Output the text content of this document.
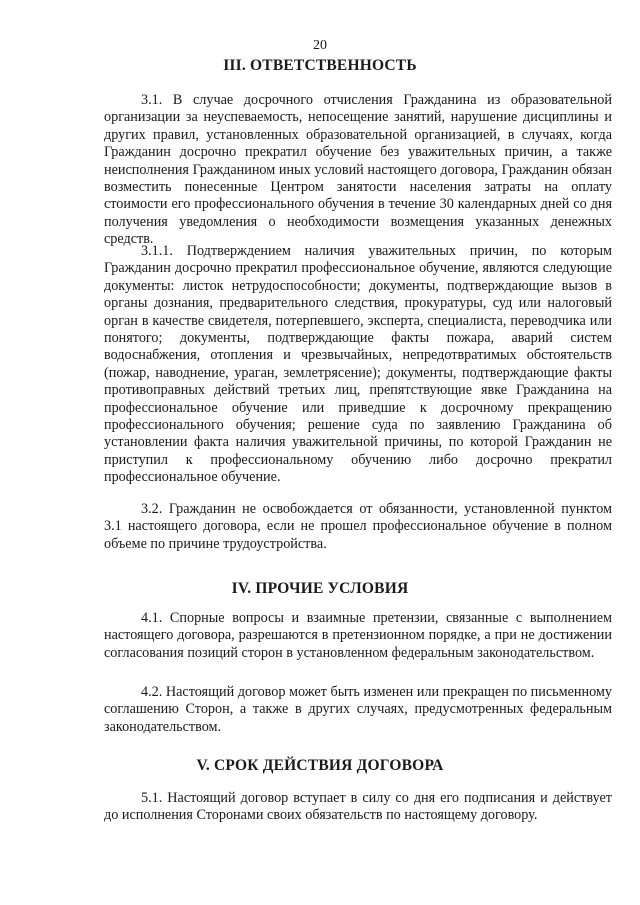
20
III. ОТВЕТСТВЕННОСТЬ

3.1. В случае досрочного отчисления Гражданина из образовательной организации за неуспеваемость, непосещение занятий, нарушение дисциплины и других правил, установленных образовательной организацией, в случаях, когда Гражданин досрочно прекратил обучение без уважительных причин, а также неисполнения Гражданином иных условий настоящего договора, Гражданин обязан возместить понесенные Центром занятости населения затраты на оплату стоимости его профессионального обучения в течение 30 календарных дней со дня получения уведомления о необходимости возмещения указанных денежных средств.

3.1.1. Подтверждением наличия уважительных причин, по которым Гражданин досрочно прекратил профессиональное обучение, являются следующие документы: листок нетрудоспособности; документы, подтверждающие вызов в органы дознания, предварительного следствия, прокуратуры, суд или налоговый орган в качестве свидетеля, потерпевшего, эксперта, специалиста, переводчика или понятого; документы, подтверждающие факты пожара, аварий систем водоснабжения, отопления и чрезвычайных, непредотвратимых обстоятельств (пожар, наводнение, ураган, землетрясение); документы, подтверждающие факты противоправных действий третьих лиц, препятствующие явке Гражданина на профессиональное обучение или приведшие к досрочному прекращению профессионального обучения; решение суда по заявлению Гражданина об установлении факта наличия уважительной причины, по которой Гражданин не приступил к профессиональному обучению либо досрочно прекратил профессиональное обучение.

3.2. Гражданин не освобождается от обязанности, установленной пунктом 3.1 настоящего договора, если не прошел профессиональное обучение в полном объеме по причине трудоустройства.

IV. ПРОЧИЕ УСЛОВИЯ

4.1. Спорные вопросы и взаимные претензии, связанные с выполнением настоящего договора, разрешаются в претензионном порядке, а при не достижении согласования позиций сторон в установленном федеральным законодательством.

4.2. Настоящий договор может быть изменен или прекращен по письменному соглашению Сторон, а также в других случаях, предусмотренных федеральным законодательством.

V. СРОК ДЕЙСТВИЯ ДОГОВОРА

5.1. Настоящий договор вступает в силу со дня его подписания и действует до исполнения Сторонами своих обязательств по настоящему договору.
